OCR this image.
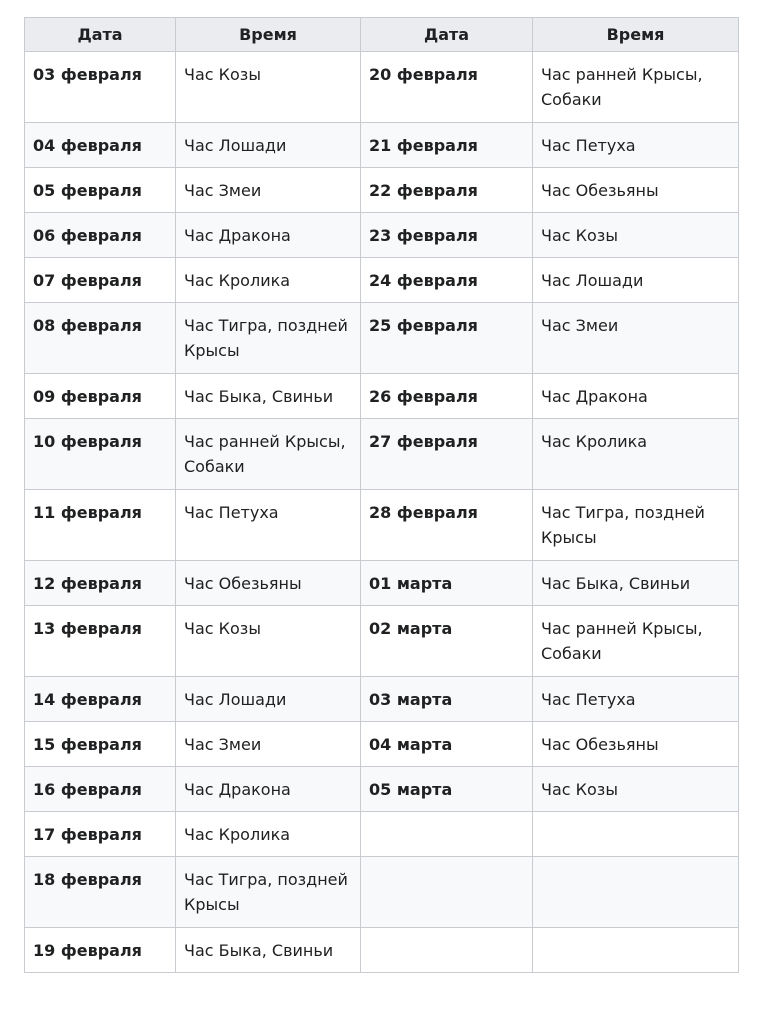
Дата	Время	Дата	Время
03 февраля	Час Козы	20 февраля	Час ранней Крысы, Собаки
04 февраля	Час Лошади	21 февраля	Час Петуха
05 февраля	Час Змеи	22 февраля	Час Обезьяны
06 февраля	Час Дракона	23 февраля	Час Козы
07 февраля	Час Кролика	24 февраля	Час Лошади
08 февраля	Час Тигра, поздней Крысы	25 февраля	Час Змеи
09 февраля	Час Быка, Свиньи	26 февраля	Час Дракона
10 февраля	Час ранней Крысы, Собаки	27 февраля	Час Кролика
11 февраля	Час Петуха	28 февраля	Час Тигра, поздней Крысы
12 февраля	Час Обезьяны	01 марта	Час Быка, Свиньи
13 февраля	Час Козы	02 марта	Час ранней Крысы, Собаки
14 февраля	Час Лошади	03 марта	Час Петуха
15 февраля	Час Змеи	04 марта	Час Обезьяны
16 февраля	Час Дракона	05 марта	Час Козы
17 февраля	Час Кролика		
18 февраля	Час Тигра, поздней Крысы		
19 февраля	Час Быка, Свиньи		
